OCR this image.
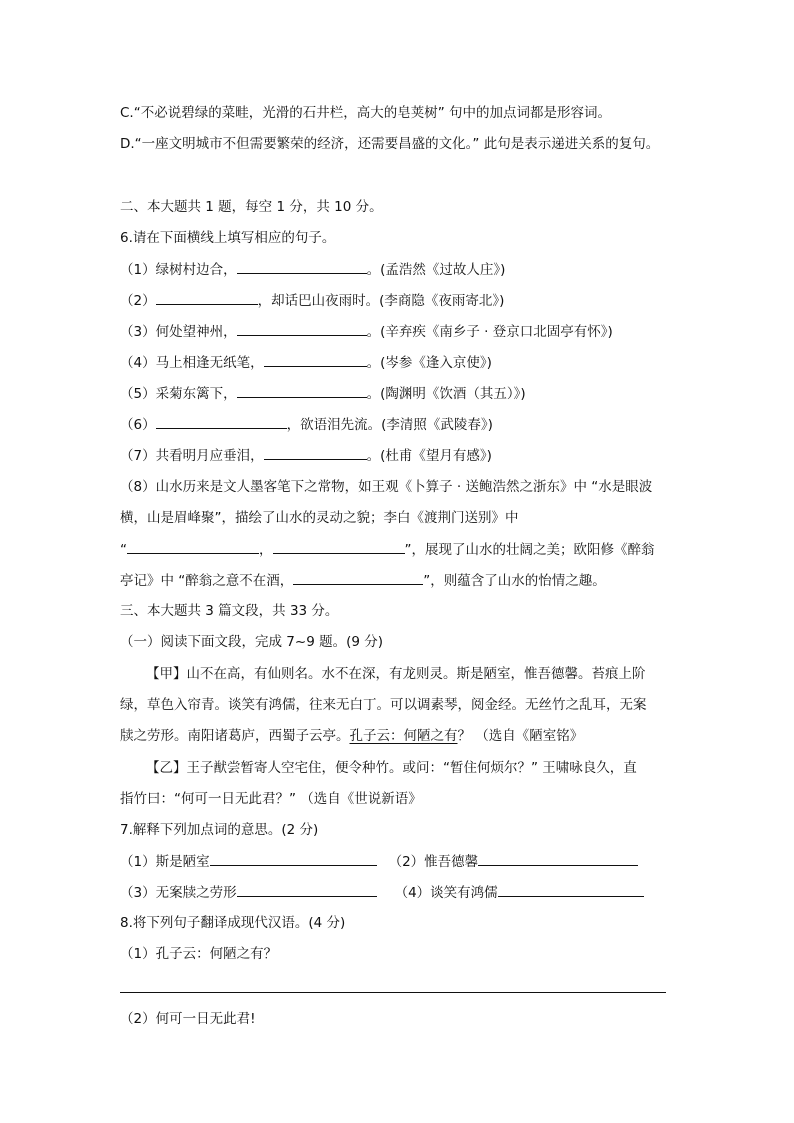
C.“不必说碧绿的菜畦，光滑的石井栏，高大的皂荚树” 句中的加点词都是形容词。
D.“一座文明城市不但需要繁荣的经济，还需要昌盛的文化。” 此句是表示递进关系的复句。
二、本大题共 1 题，每空 1 分，共 10 分。
6.请在下面横线上填写相应的句子。
（1）绿树村边合，	。(孟浩然《过故人庄》)
（2）	，却话巴山夜雨时。(李商隐《夜雨寄北》)
（3）何处望神州，	。(辛弃疾《南乡子 · 登京口北固亭有怀》)
（4）马上相逢无纸笔，	。(岑参《逢入京使》)
（5）采菊东篱下，	。(陶渊明《饮酒（其五）》)
（6）	，欲语泪先流。(李清照《武陵春》)
（7）共看明月应垂泪，	。(杜甫《望月有感》)
（8）山水历来是文人墨客笔下之常物，如王观《卜算子 · 送鲍浩然之浙东》中 “水是眼波
横，山是眉峰聚”，描绘了山水的灵动之貌；李白《渡荆门送别》中
“	，	”，展现了山水的壮阔之美；欧阳修《醉翁
亭记》中 “醉翁之意不在酒，	”，则蕴含了山水的怡情之趣。
三、本大题共 3 篇文段，共 33 分。
（一）阅读下面文段，完成 7~9 题。(9 分)
【甲】山不在高，有仙则名。水不在深，有龙则灵。斯是陋室，惟吾德馨。苔痕上阶
绿，草色入帘青。谈笑有鸿儒，往来无白丁。可以调素琴，阅金经。无丝竹之乱耳，无案
牍之劳形。南阳诸葛庐，西蜀子云亭。孔子云：何陋之有？ （选自《陋室铭》
【乙】王子猷尝暂寄人空宅住，便令种竹。或问：“暂住何烦尔？” 王啸咏良久，直
指竹曰：“何可一日无此君？” （选自《世说新语》
7.解释下列加点词的意思。(2 分)
（1）斯是陋室	（2）惟吾德馨
（3）无案牍之劳形	（4）谈笑有鸿儒
8.将下列句子翻译成现代汉语。(4 分)
（1）孔子云：何陋之有？
（2）何可一日无此君!
